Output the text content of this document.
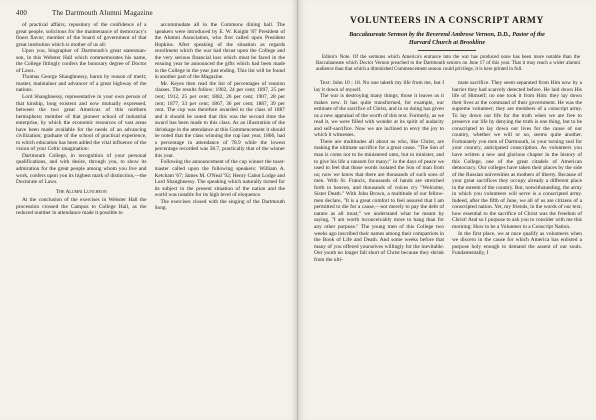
400	The Dartmouth Alumni Magazine

of practical affairs; repository of the confidence of a great people, solicitous for the maintenance of democracy's finest flavor; member of the board of government of that great institution which is mother of us all:

Upon you, biographer of Dartmouth's great statesman-son, in this Webster Hall which commemorates his name, the College fittingly confers the honorary degree of Doctor of Laws.

Thomas George Shaughnessy, baron by reason of merit; master, maintainer and advancer of a great highway of the nations.

Lord Shaughnessy, representative in your own person of that kinship, long existent and now mutually expressed, between the two great Americas of this northern hemisphere; member of that pioneer school of industrial enterprise, by which the economic resources of vast areas have been made available for the needs of an advancing civilization; graduate of the school of practical experience, to which education has been added the vital influence of the vision of your Celtic imagination:

Dartmouth College, in recognition of your personal qualifications, and with desire, through you, to show its admiration for the great people among whom you live and work, confers upon you its highest mark of distinction,—the Doctorate of Laws.

The Alumni Luncheon

At the conclusion of the exercises in Webster Hall the procession crossed the Campus to College Hall, as the reduced number in attendance made it possible to

accommodate all in the Commons dining hall. The speakers were introduced by E. W. Knight '87 President of the Alumni Association, who first called upon President Hopkins. After speaking of the situation as regards enrollment which the war had thrust upon the College and the very serious financial loss which must be faced in the ensuing year he announced the gifts which had been made to the College in the year just ending. This list will be found in another part of the Magazine.

Mr. Keyes then read the list of percentages of reunion classes. The results follow: 1902, 24 per cent; 1897, 25 per cent; 1912, 25 per cent; 1882, 26 per cent; 1907, 28 per cent; 1877, 33 per cent; 1867, 36 per cent; 1887, 39 per cent. The cup was therefore awarded to the class of 1887 and it should be noted that this was the second time the award has been made to this class. As an illustration of the shrinkage in the attendance at this Commencement it should be noted that the class winning the cup last year, 1866, had a percentage in attendance of 78.9 while the lowest percentage recorded was 38.7, practically that of the winner this year.

Following the announcement of the cup winner the toast-master called upon the following speakers: William A. Ketcham '67; James M. O'Neal '92; Henry Cabot Lodge and Lord Shaughnessy. The speaking which naturally turned for its subject to the present situation of the nation and the world was notable for its high level of eloquence.

The exercises closed with the singing of the Dartmouth Song.

VOLUNTEERS IN A CONSCRIPT ARMY
Baccalaureate Sermon by the Reverend Ambrose Vernon, D.D., Pastor of the
Harvard Church at Brookline

Editor's Note. Of the sermons which America's entrance into the war has produced none has been more notable than the Baccalaureate which Doctor Vernon preached to the Dartmouth seniors on June 17 of this year. That it may reach a wider alumni audience than that which a diminished Commencement season could privilege, it is here printed in full.

Text: John 10 ; 18. No one taketh my life from me, but I lay it down of myself.

The war is destroying many things; those it leaves us it makes new. It has quite transformed, for example, our estimate of the sacrifice of Christ, and in so doing has given us a new appraisal of the worth of this text. Formerly, as we read it, we were filled with wonder at its spirit of audacity and self-sacrifice. Now we are inclined to envy the joy to which it witnesses.

There are multitudes all about us who, like Christ, are making the ultimate sacrifice for a great cause. "The Son of man is come not to be ministered unto, but to minister, and to give his life a ransom for many;" in the days of peace we used to feel that those words isolated the Son of man from us; now we know that there are thousands of such sons of men. With St. Francis, thousands of hands are stretched forth to heaven, and thousands of voices cry "Welcome, Sister Death." With John Brown, a multitude of our fellow-men declare, "It is a great comfort to feel assured that I am permitted to die for a cause,—not merely to pay the debt of nature as all must;" we understand what he meant by saying, "I am worth inconceivably more to hang than for any other purpose." The young men of this College two weeks ago inscribed their names among their compatriots in the Book of Life and Death. And some weeks before that many of you offered yourselves willingly for the inevitable. Our youth no longer fall short of Christ because they shrink from the ulti-

mate sacrifice. They seem separated from Him now by a barrier they had scarcely detected before. He laid down His life of Himself; no one took it from Him: they lay down their lives at the command of their government. He was the supreme volunteer; they are members of a conscript army. To lay down our life for the truth when we are free to preserve our life by denying the truth is one thing, but to be conscripted to lay down our lives for the cause of our country, whether we will or no, seems quite another. Fortunately you men of Dartmouth, in your turning zeal for your country, anticipated conscription. As volunteers you have written a new and glorious chapter in the history of this College, one of the great citadels of American democracy. Our colleges have taken their places by the side of the Russian universities as mothers of liberty. Because of your great sacrifices they occupy already a different place in the esteem of the country. But, notwithstanding, the army in which you volunteers will serve is a conscripted army. Indeed, after the fifth of June, we all of us are citizens of a conscripted nation. Yet, my friends, in the words of our text, how essential to the sacrifice of Christ was the freedom of Christ! And so I purpose to ask you to consider with me this morning: How to be a Volunteer in a Conscript Nation.

In the first place, we at once qualify as volunteers when we discern in the cause for which America has enlisted a purpose holy enough to demand the assent of our souls. Fundamentally, I
